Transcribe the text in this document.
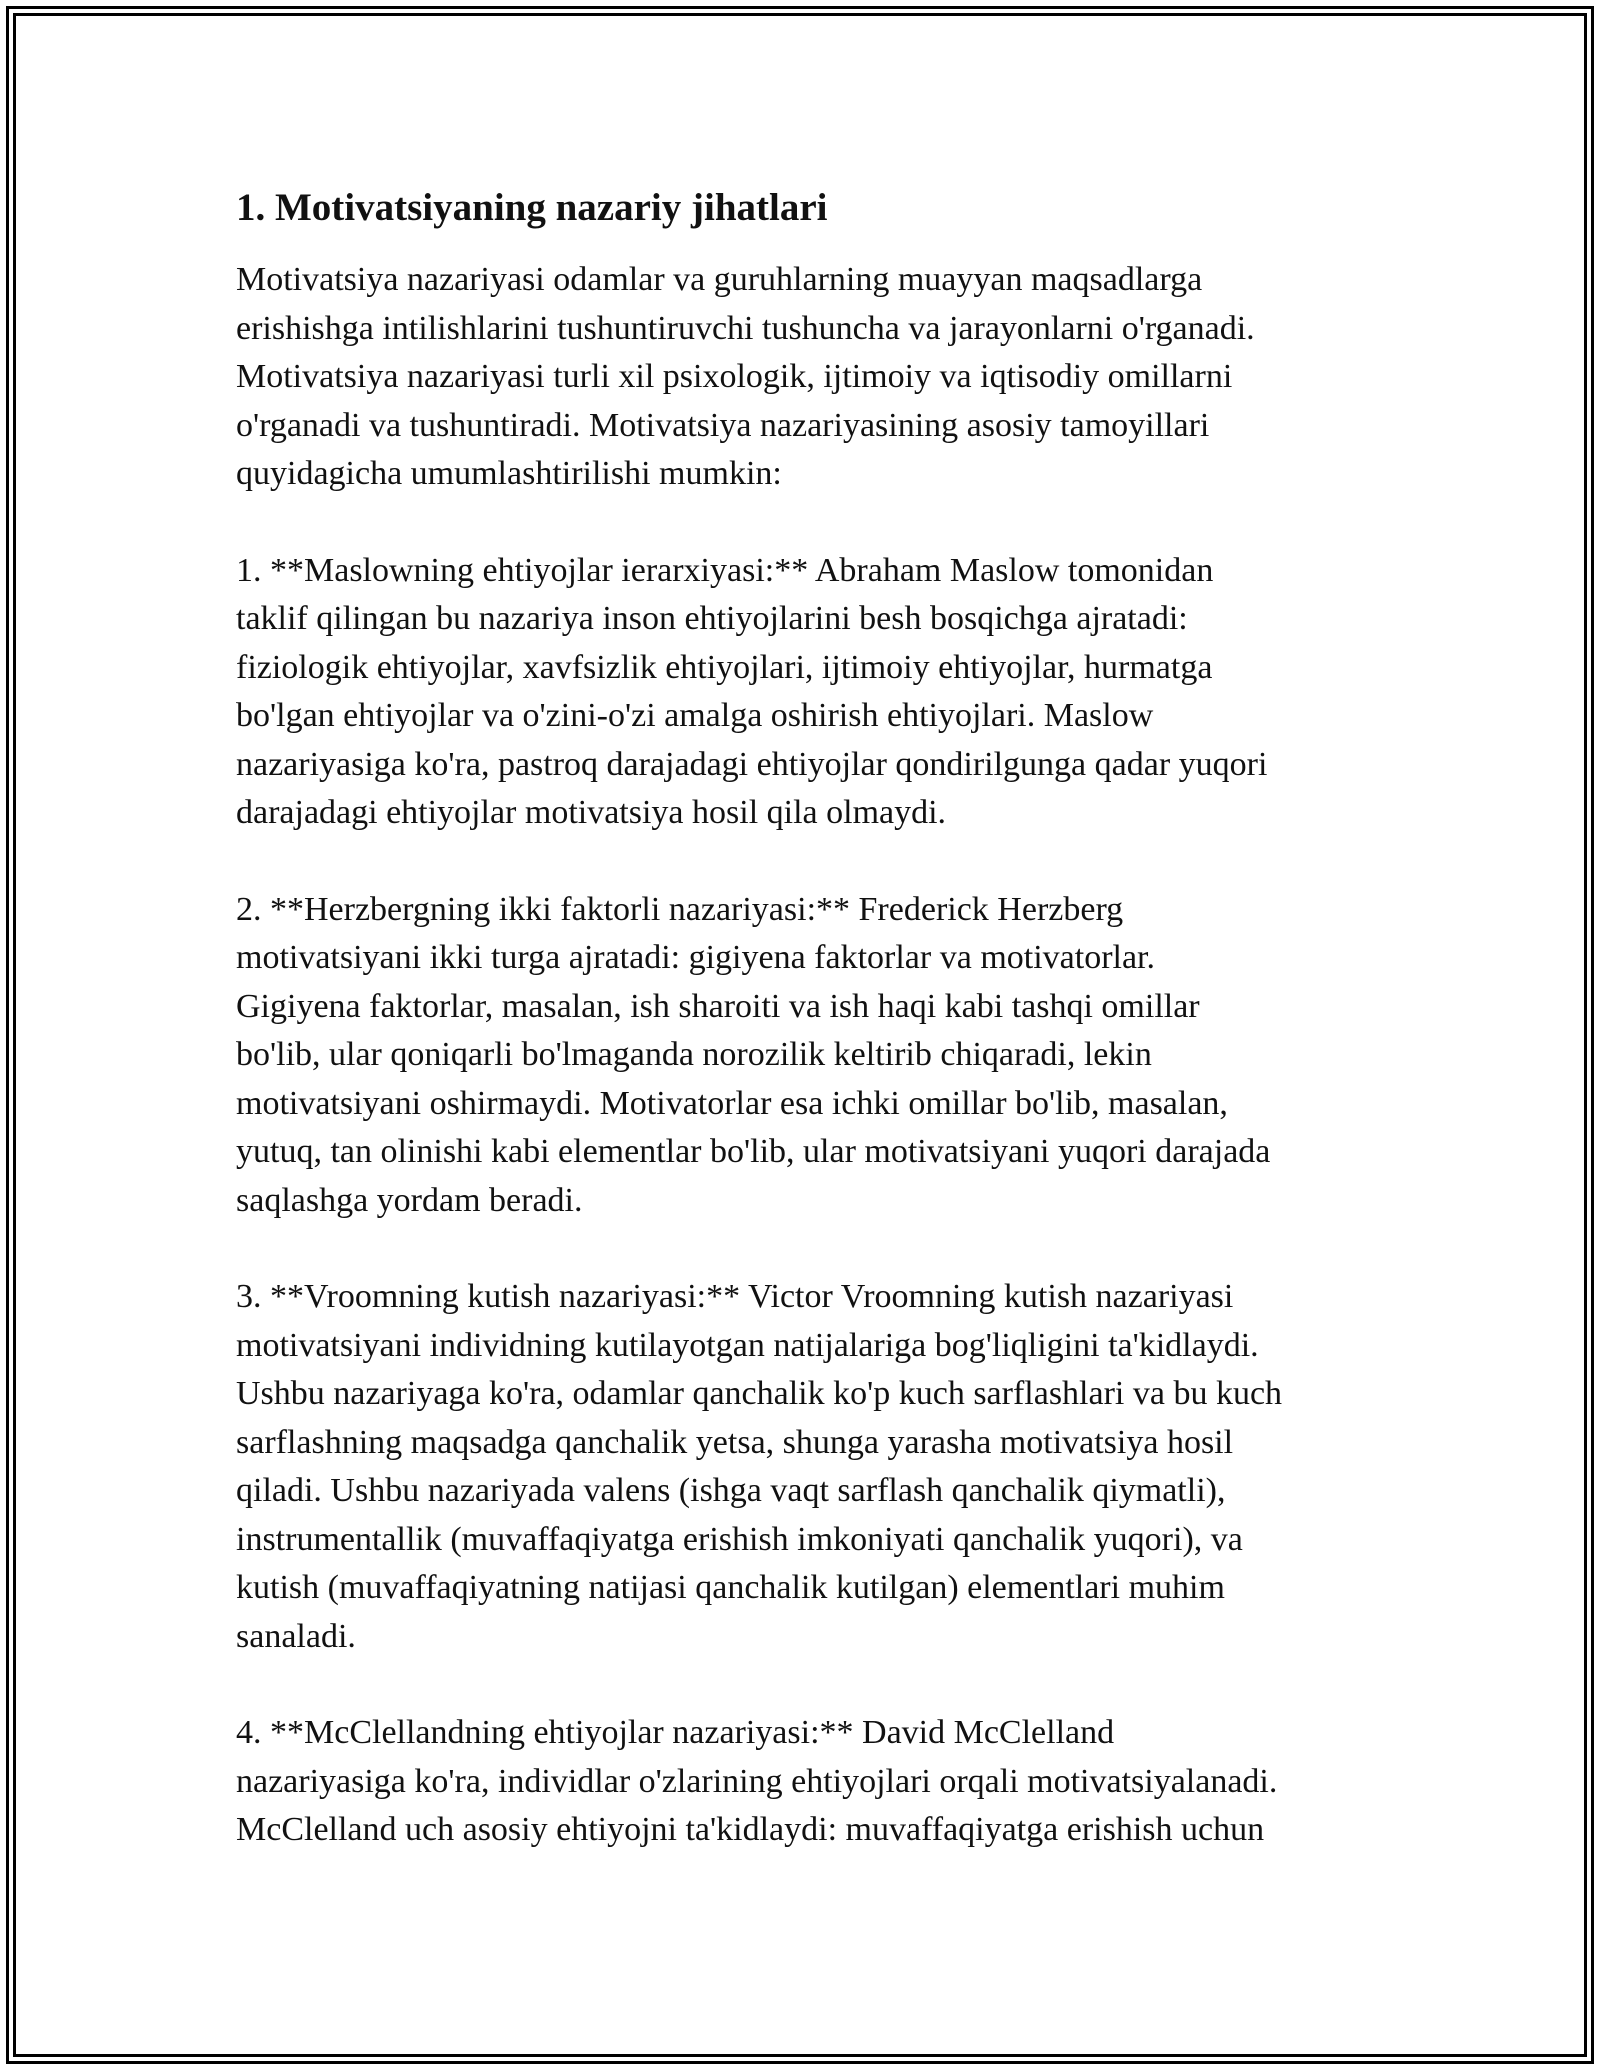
1. Motivatsiyaning nazariy jihatlari

Motivatsiya nazariyasi odamlar va guruhlarning muayyan maqsadlarga
erishishga intilishlarini tushuntiruvchi tushuncha va jarayonlarni o'rganadi.
Motivatsiya nazariyasi turli xil psixologik, ijtimoiy va iqtisodiy omillarni
o'rganadi va tushuntiradi. Motivatsiya nazariyasining asosiy tamoyillari
quyidagicha umumlashtirilishi mumkin:

1. **Maslowning ehtiyojlar ierarxiyasi:** Abraham Maslow tomonidan
taklif qilingan bu nazariya inson ehtiyojlarini besh bosqichga ajratadi:
fiziologik ehtiyojlar, xavfsizlik ehtiyojlari, ijtimoiy ehtiyojlar, hurmatga
bo'lgan ehtiyojlar va o'zini-o'zi amalga oshirish ehtiyojlari. Maslow
nazariyasiga ko'ra, pastroq darajadagi ehtiyojlar qondirilgunga qadar yuqori
darajadagi ehtiyojlar motivatsiya hosil qila olmaydi.

2. **Herzbergning ikki faktorli nazariyasi:** Frederick Herzberg
motivatsiyani ikki turga ajratadi: gigiyena faktorlar va motivatorlar.
Gigiyena faktorlar, masalan, ish sharoiti va ish haqi kabi tashqi omillar
bo'lib, ular qoniqarli bo'lmaganda norozilik keltirib chiqaradi, lekin
motivatsiyani oshirmaydi. Motivatorlar esa ichki omillar bo'lib, masalan,
yutuq, tan olinishi kabi elementlar bo'lib, ular motivatsiyani yuqori darajada
saqlashga yordam beradi.

3. **Vroomning kutish nazariyasi:** Victor Vroomning kutish nazariyasi
motivatsiyani individning kutilayotgan natijalariga bog'liqligini ta'kidlaydi.
Ushbu nazariyaga ko'ra, odamlar qanchalik ko'p kuch sarflashlari va bu kuch
sarflashning maqsadga qanchalik yetsa, shunga yarasha motivatsiya hosil
qiladi. Ushbu nazariyada valens (ishga vaqt sarflash qanchalik qiymatli),
instrumentallik (muvaffaqiyatga erishish imkoniyati qanchalik yuqori), va
kutish (muvaffaqiyatning natijasi qanchalik kutilgan) elementlari muhim
sanaladi.

4. **McClellandning ehtiyojlar nazariyasi:** David McClelland
nazariyasiga ko'ra, individlar o'zlarining ehtiyojlari orqali motivatsiyalanadi.
McClelland uch asosiy ehtiyojni ta'kidlaydi: muvaffaqiyatga erishish uchun
